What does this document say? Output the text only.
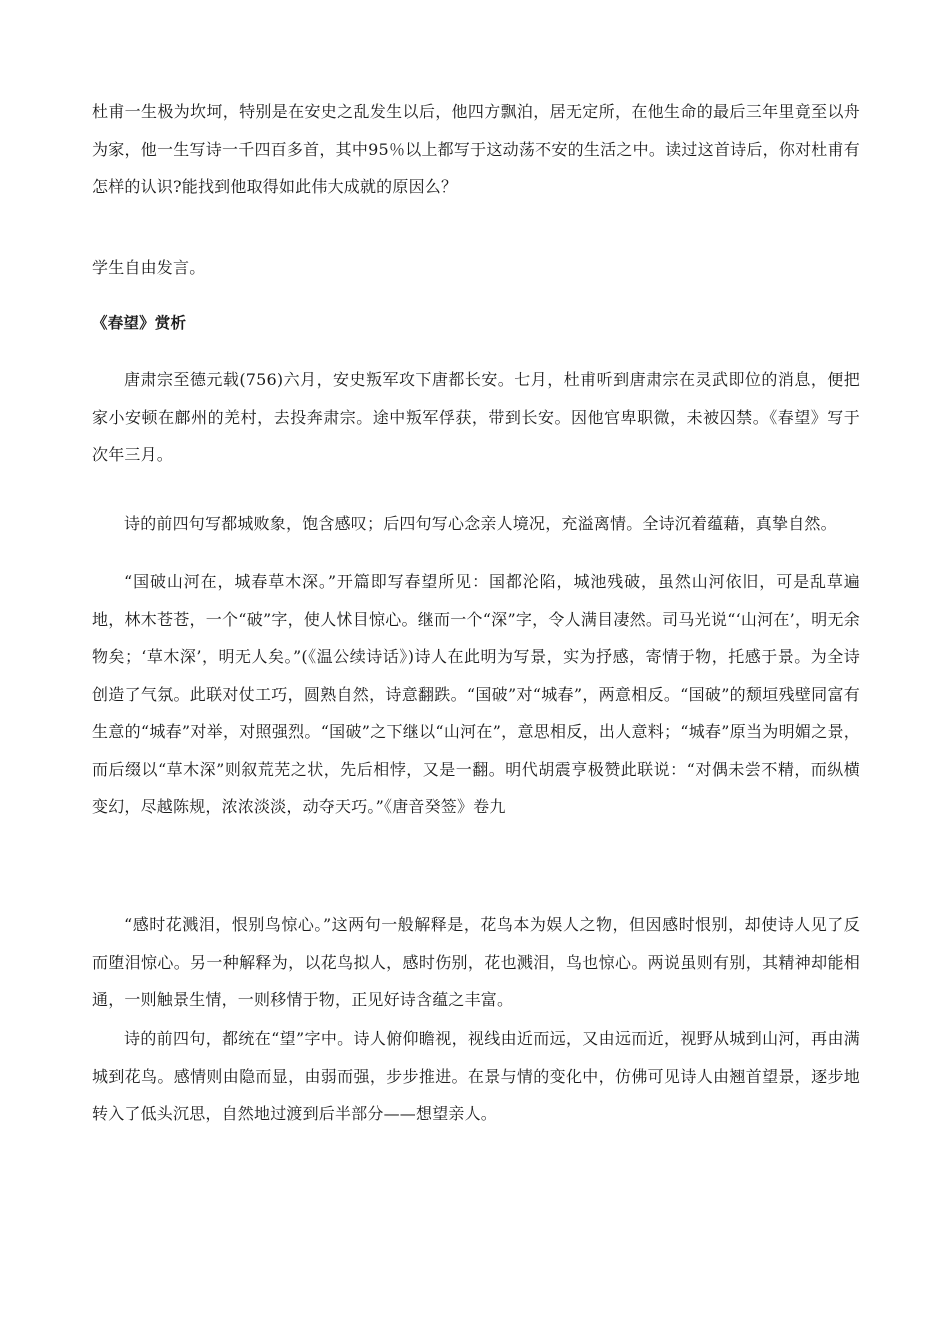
杜甫一生极为坎坷，特别是在安史之乱发生以后，他四方飘泊，居无定所，在他生命的最后三年里竟至以舟为家，他一生写诗一千四百多首，其中95％以上都写于这动荡不安的生活之中。读过这首诗后，你对杜甫有怎样的认识?能找到他取得如此伟大成就的原因么？

学生自由发言。

《春望》赏析

唐肃宗至德元载(756)六月，安史叛军攻下唐都长安。七月，杜甫听到唐肃宗在灵武即位的消息，便把家小安顿在鄜州的羌村，去投奔肃宗。途中叛军俘获，带到长安。因他官卑职微，未被囚禁。《春望》写于次年三月。

诗的前四句写都城败象，饱含感叹；后四句写心念亲人境况，充溢离情。全诗沉着蕴藉，真挚自然。

“国破山河在，城春草木深。”开篇即写春望所见：国都沦陷，城池残破，虽然山河依旧，可是乱草遍地，林木苍苍，一个“破”字，使人怵目惊心。继而一个“深”字，令人满目凄然。司马光说“‘山河在’，明无余物矣；‘草木深’，明无人矣。”(《温公续诗话》)诗人在此明为写景，实为抒感，寄情于物，托感于景。为全诗创造了气氛。此联对仗工巧，圆熟自然，诗意翻跌。“国破”对“城春”，两意相反。“国破”的颓垣残壁同富有生意的“城春”对举，对照强烈。“国破”之下继以“山河在”，意思相反，出人意料；“城春”原当为明媚之景，而后缀以“草木深”则叙荒芜之状，先后相悖，又是一翻。明代胡震亨极赞此联说：“对偶未尝不精，而纵横变幻，尽越陈规，浓浓淡淡，动夺天巧。”《唐音癸签》卷九

“感时花溅泪，恨别鸟惊心。”这两句一般解释是，花鸟本为娱人之物，但因感时恨别，却使诗人见了反而堕泪惊心。另一种解释为，以花鸟拟人，感时伤别，花也溅泪，鸟也惊心。两说虽则有别，其精神却能相通，一则触景生情，一则移情于物，正见好诗含蕴之丰富。

诗的前四句，都统在“望”字中。诗人俯仰瞻视，视线由近而远，又由远而近，视野从城到山河，再由满城到花鸟。感情则由隐而显，由弱而强，步步推进。在景与情的变化中，仿佛可见诗人由翘首望景，逐步地转入了低头沉思，自然地过渡到后半部分——想望亲人。
